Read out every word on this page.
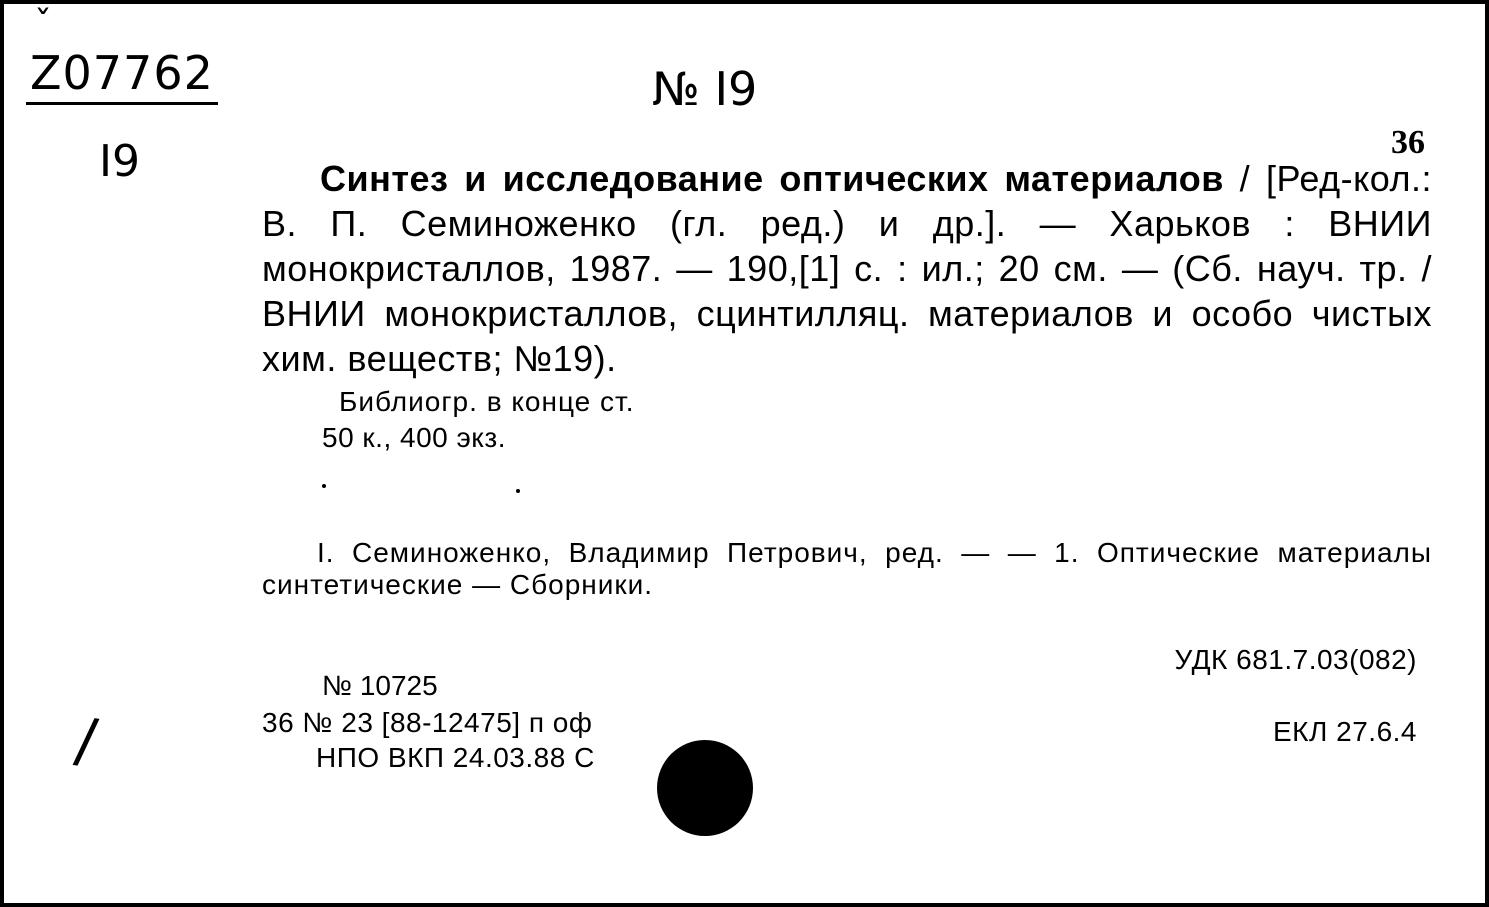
ˇ
Z07762
I9
№ I9
36
Синтез и исследование оптических материалов / [Ред-кол.: В. П. Семиноженко (гл. ред.) и др.]. — Харьков : ВНИИ монокристаллов, 1987. — 190,[1] с. : ил.; 20 см. — (Сб. науч. тр. / ВНИИ монокристаллов, сцинтилляц. материалов и особо чистых хим. веществ; №19).
Библиогр. в конце ст.
50 к., 400 экз.
I. Семиноженко, Владимир Петрович, ред. — — 1. Оптические материалы синтетические — Сборники.
УДК 681.7.03(082)
ЕКЛ 27.6.4
№ 10725
36 № 23 [88-12475] п оф
НПО ВКП 24.03.88 С
/
